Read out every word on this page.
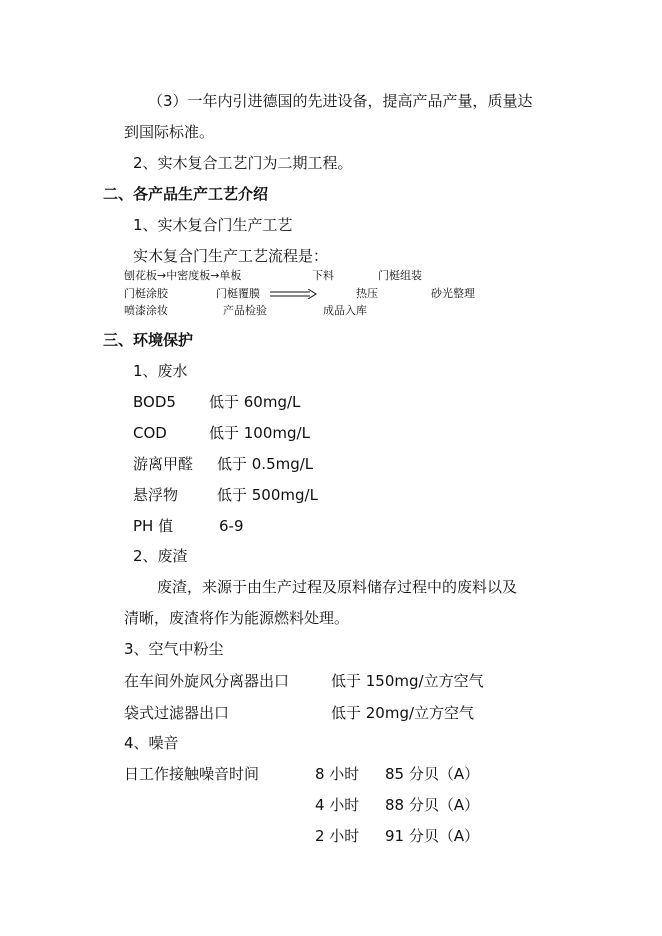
（3）一年内引进德国的先进设备，提高产品产量，质量达
到国际标准。
2、实木复合工艺门为二期工程。
二、各产品生产工艺介绍
1、实木复合门生产工艺
实木复合门生产工艺流程是：
刨花板→中密度板→单板	下料	门梃组装
门梃涂胶	门梃覆膜	热压	砂光整理
喷漆涂妆	产品检验	成品入库
三、环境保护
1、废水
BOD5 低于 60mg/L
COD	低于 100mg/L
游离甲醛 低于 0.5mg/L
悬浮物	低于 500mg/L
PH 值	6-9
2、废渣
废渣，来源于由生产过程及原料储存过程中的废料以及
清晰，废渣将作为能源燃料处理。
3、空气中粉尘
在车间外旋风分离器出口	低于 150mg/立方空气
袋式过滤器出口	低于 20mg/立方空气
4、噪音
日工作接触噪音时间	8 小时 85 分贝（A）
4 小时 88 分贝（A）
2 小时 91 分贝（A）
